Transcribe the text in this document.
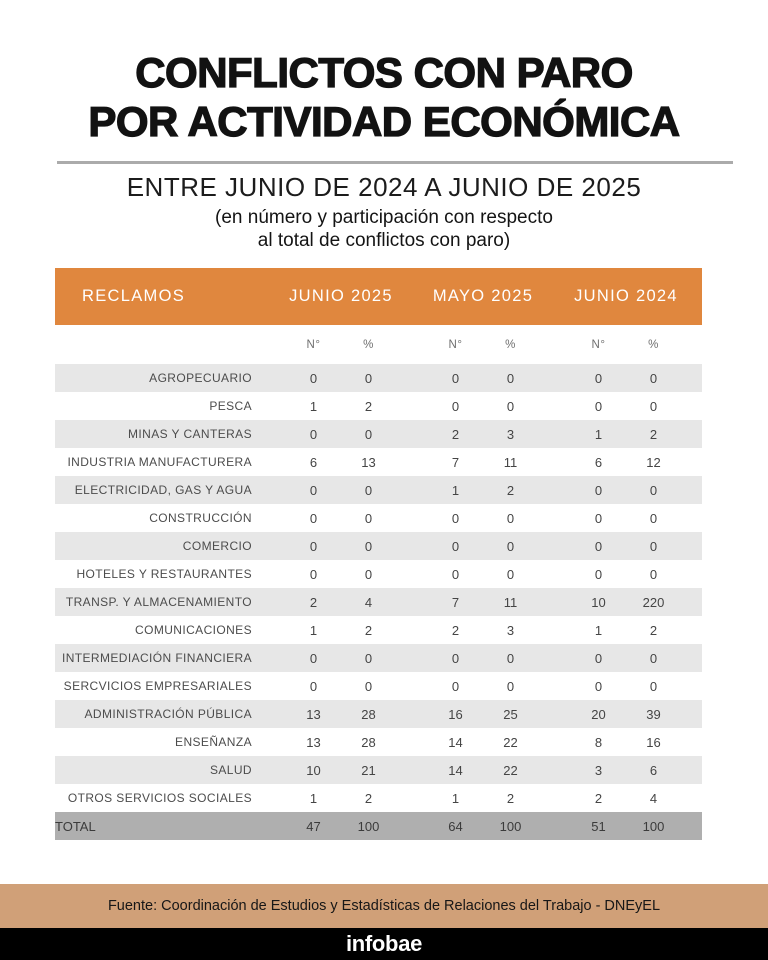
CONFLICTOS CON PARO
POR ACTIVIDAD ECONÓMICA
ENTRE JUNIO DE 2024 A JUNIO DE 2025
(en número y participación con respecto
al total de conflictos con paro)
RECLAMOS	JUNIO 2025 MAYO 2025 JUNIO 2024
N°	%	N°	%	N°	%
AGROPECUARIO	0	0	0	0	0	0
PESCA	1	2	0	0	0	0
MINAS Y CANTERAS	0	0	2	3	1	2
INDUSTRIA MANUFACTURERA	6	13	7	11	6	12
ELECTRICIDAD, GAS Y AGUA	0	0	1	2	0	0
CONSTRUCCIÓN	0	0	0	0	0	0
COMERCIO	0	0	0	0	0	0
HOTELES Y RESTAURANTES	0	0	0	0	0	0
TRANSP. Y ALMACENAMIENTO	2	4	7	11	10	220
COMUNICACIONES	1	2	2	3	1	2
INTERMEDIACIÓN FINANCIERA	0	0	0	0	0	0
SERCVICIOS EMPRESARIALES	0	0	0	0	0	0
ADMINISTRACIÓN PÚBLICA	13	28	16	25	20	39
ENSEÑANZA	13	28	14	22	8	16
SALUD	10	21	14	22	3	6
OTROS SERVICIOS SOCIALES	1	2	1	2	2	4
TOTAL	47	100	64	100	51	100
Fuente: Coordinación de Estudios y Estadísticas de Relaciones del Trabajo - DNEyEL
infobae
